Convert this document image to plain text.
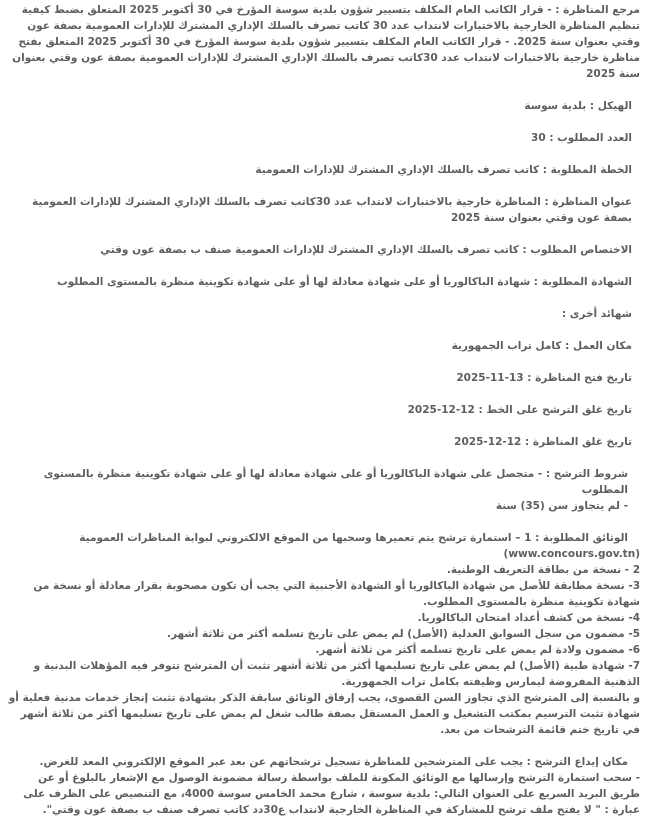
مرجع المناظرة : - قرار الكاتب العام المكلف بتسيير شؤون بلدية سوسة المؤرخ في 30 أكتوبر 2025 المتعلق بضبط كيفية تنظيم المناظرة الخارجية بالاختبارات لانتداب عدد 30 كاتب تصرف بالسلك الإداري المشترك للإدارات العمومية بصفة عون وقتي بعنوان سنة 2025. - قرار الكاتب العام المكلف بتسيير شؤون بلدية سوسة المؤرخ في 30 أكتوبر 2025 المتعلق بفتح مناظرة خارجية بالاختبارات لانتداب عدد 30كاتب تصرف بالسلك الإداري المشترك للإدارات العمومية بصفة عون وقتي بعنوان سنة 2025
الهيكل : بلدية سوسة
العدد المطلوب : 30
الخطة المطلوبة : كاتب تصرف بالسلك الإداري المشترك للإدارات العمومية
عنوان المناظرة : المناظرة خارجية بالاختبارات لانتداب عدد 30كاتب تصرف بالسلك الإداري المشترك للإدارات العمومية بصفة عون وقتي بعنوان سنة 2025
الاختصاص المطلوب : كاتب تصرف بالسلك الإداري المشترك للإدارات العمومية صنف ب بصفة عون وقتي
الشهادة المطلوبة : شهادة الباكالوريا أو على شهادة معادلة لها أو على شهادة تكوينية منظرة بالمستوى المطلوب
شهائد أخرى :
مكان العمل : كامل تراب الجمهورية
تاريخ فتح المناظرة : 13-11-2025
تاريخ غلق الترشح على الخط : 12-12-2025
تاريخ غلق المناظرة : 12-12-2025
شروط الترشح : - متحصل على شهادة الباكالوريا أو على شهادة معادلة لها أو على شهادة تكوينية منظرة بالمستوى المطلوب
- لم يتجاوز سن (35) سنة
الوثائق المطلوبة : 1 – استمارة ترشح يتم تعميرها وسحبها من الموقع الالكتروني لبوابة المناظرات العمومية
(www.concours.gov.tn)
2 - نسخة من بطاقة التعريف الوطنية.
3- نسخة مطابقة للأصل من شهادة الباكالوريا أو الشهادة الأجنبية التي يجب أن تكون مصحوبة بقرار معادلة أو نسخة من شهادة تكوينية منظرة بالمستوى المطلوب.
4- نسخة من كشف أعداد امتحان الباكالوريا.
5- مضمون من سجل السوابق العدلية (الأصل) لم يمض على تاريخ تسلمه أكثر من ثلاثة أشهر.
6- مضمون ولادة لم يمض على تاريخ تسلمه أكثر من ثلاثة أشهر.
7- شهادة طبية (الأصل) لم يمض على تاريخ تسليمها أكثر من ثلاثة أشهر تثبت أن المترشح تتوفر فيه المؤهلات البدنية و الذهنية المفروضة ليمارس وظيفته بكامل تراب الجمهورية.
و بالنسبة إلى المترشح الذي تجاوز السن القصوى، يجب إرفاق الوثائق سابقة الذكر بشهادة تثبت إنجاز خدمات مدنية فعلية أو شهادة تثبت الترسيم بمكتب التشغيل و العمل المستقل بصفة طالب شغل لم يمض على تاريخ تسليمها أكثر من ثلاثة أشهر في تاريخ ختم قائمة الترشحات من بعد.
مكان إيداع الترشح : يجب على المترشحين للمناظرة تسجيل ترشحاتهم عن بعد عبر الموقع الإلكتروني المعد للغرض.
- سحب استمارة الترشح وإرسالها مع الوثائق المكونة للملف بواسطة رسالة مضمونة الوصول مع الإشعار بالبلوغ أو عن طريق البريد السريع على العنوان التالي: بلدية سوسة ، شارع محمد الخامس سوسة 4000، مع التنصيص على الظرف على عبارة : " لا يفتح ملف ترشح للمشاركة في المناظرة الخارجية لانتداب ع30دد كاتب تصرف صنف ب بصفة عون وقتي".
